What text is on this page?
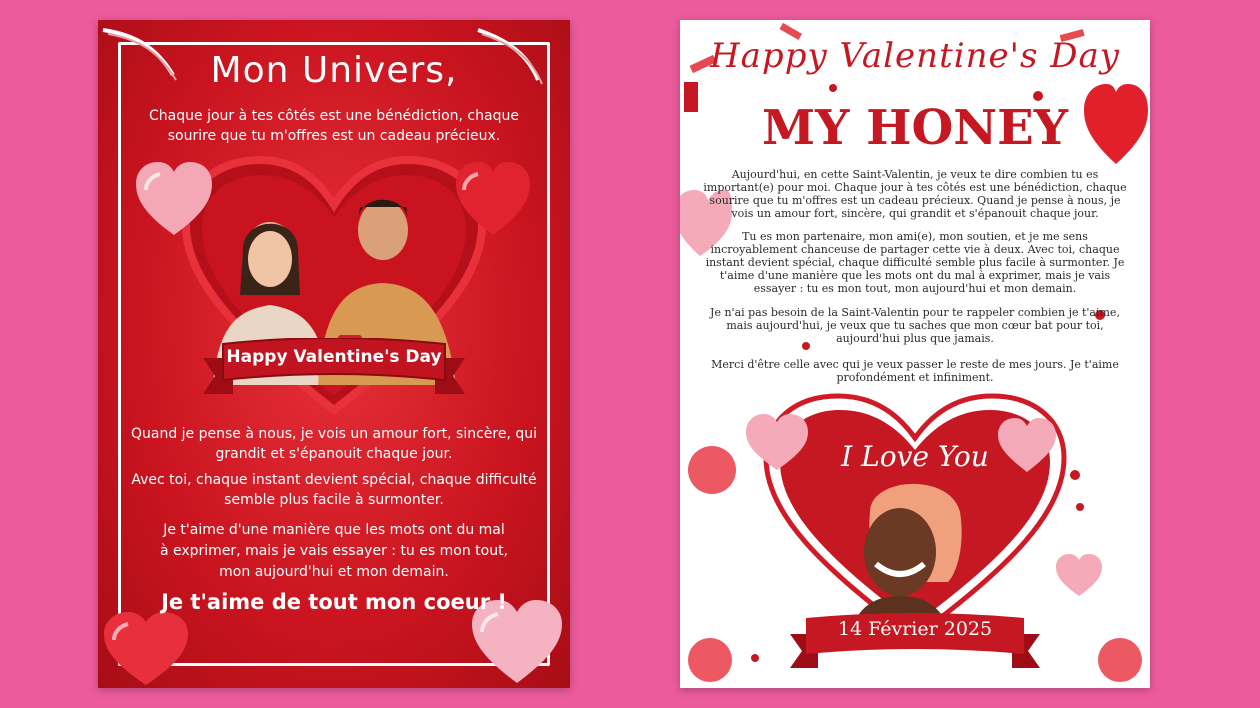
Mon Univers,
Chaque jour à tes côtés est une bénédiction, chaque sourire que tu m'offres est un cadeau précieux.
Happy Valentine's Day
Quand je pense à nous, je vois un amour fort, sincère, qui grandit et s'épanouit chaque jour.
Avec toi, chaque instant devient spécial, chaque difficulté semble plus facile à surmonter.
Je t'aime d'une manière que les mots ont du mal à exprimer, mais je vais essayer : tu es mon tout, mon aujourd'hui et mon demain.
Je t'aime de tout mon coeur !
Happy Valentine's Day
MY HONEY
Aujourd'hui, en cette Saint-Valentin, je veux te dire combien tu es important(e) pour moi. Chaque jour à tes côtés est une bénédiction, chaque sourire que tu m'offres est un cadeau précieux. Quand je pense à nous, je vois un amour fort, sincère, qui grandit et s'épanouit chaque jour.
Tu es mon partenaire, mon ami(e), mon soutien, et je me sens incroyablement chanceuse de partager cette vie à deux. Avec toi, chaque instant devient spécial, chaque difficulté semble plus facile à surmonter. Je t'aime d'une manière que les mots ont du mal à exprimer, mais je vais essayer : tu es mon tout, mon aujourd'hui et mon demain.
Je n'ai pas besoin de la Saint-Valentin pour te rappeler combien je t'aime, mais aujourd'hui, je veux que tu saches que mon cœur bat pour toi, aujourd'hui plus que jamais.
Merci d'être celle avec qui je veux passer le reste de mes jours. Je t'aime profondément et infiniment.
I Love You
14 Février 2025
